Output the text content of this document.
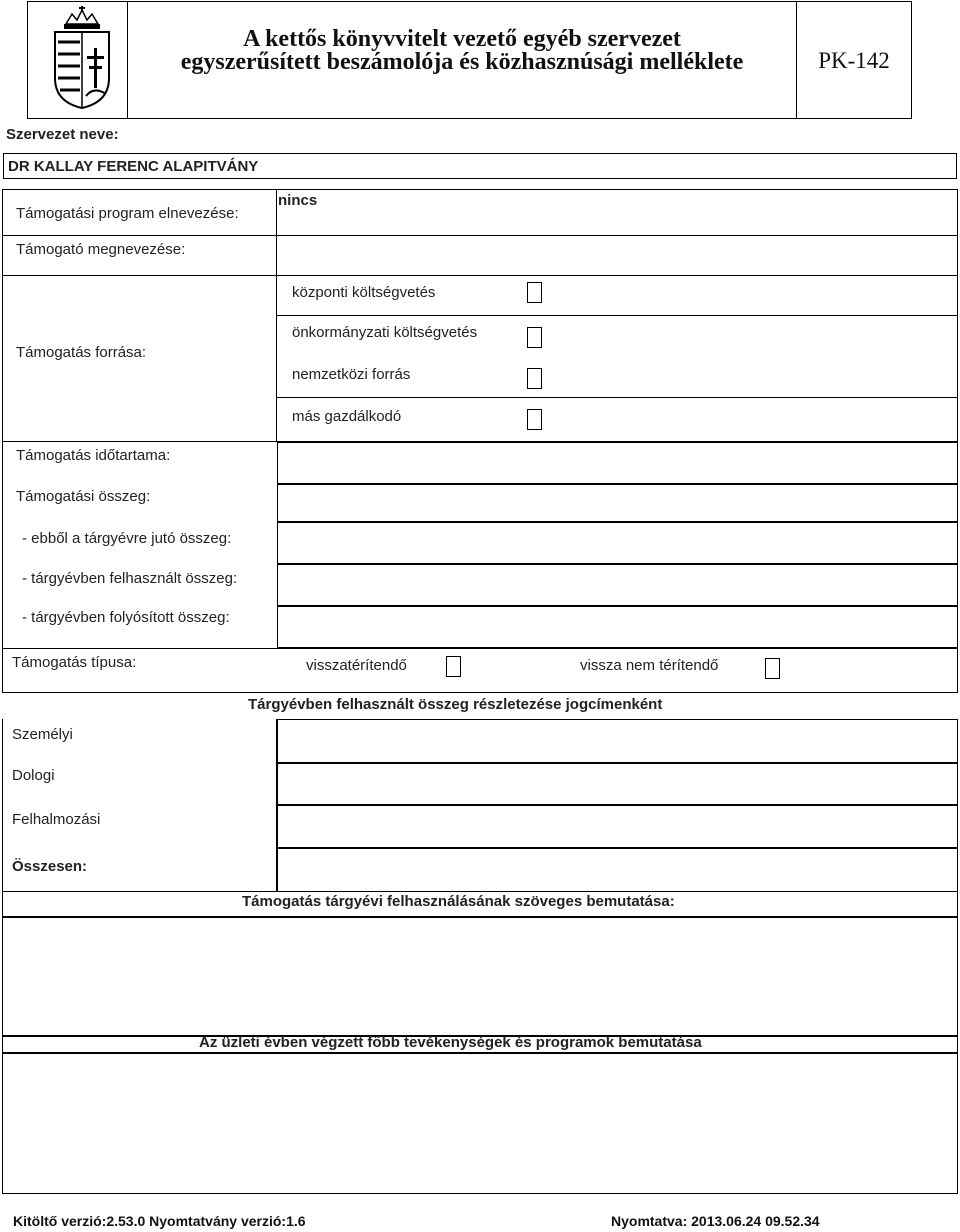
A kettős könyvvitelt vezető egyéb szervezet
egyszerűsített beszámolója és közhasznúsági melléklete	PK-142
Szervezet neve:
DR KALLAY FERENC ALAPITVÁNY
Támogatási program elnevezése:
nincs
Támogató megnevezése:
Támogatás forrása:
központi költségvetés
önkormányzati költségvetés
nemzetközi forrás
más gazdálkodó
Támogatás időtartama:
Támogatási összeg:
- ebből a tárgyévre jutó összeg:
- tárgyévben felhasznált összeg:
- tárgyévben folyósított összeg:
Támogatás típusa:	visszatérítendő	vissza nem térítendő
Tárgyévben felhasznált összeg részletezése jogcímenként
Személyi
Dologi
Felhalmozási
Összesen:
Támogatás tárgyévi felhasználásának szöveges bemutatása:
Az üzleti évben végzett főbb tevékenységek és programok bemutatása
Kitöltő verzió:2.53.0 Nyomtatvány verzió:1.6	Nyomtatva: 2013.06.24 09.52.34
